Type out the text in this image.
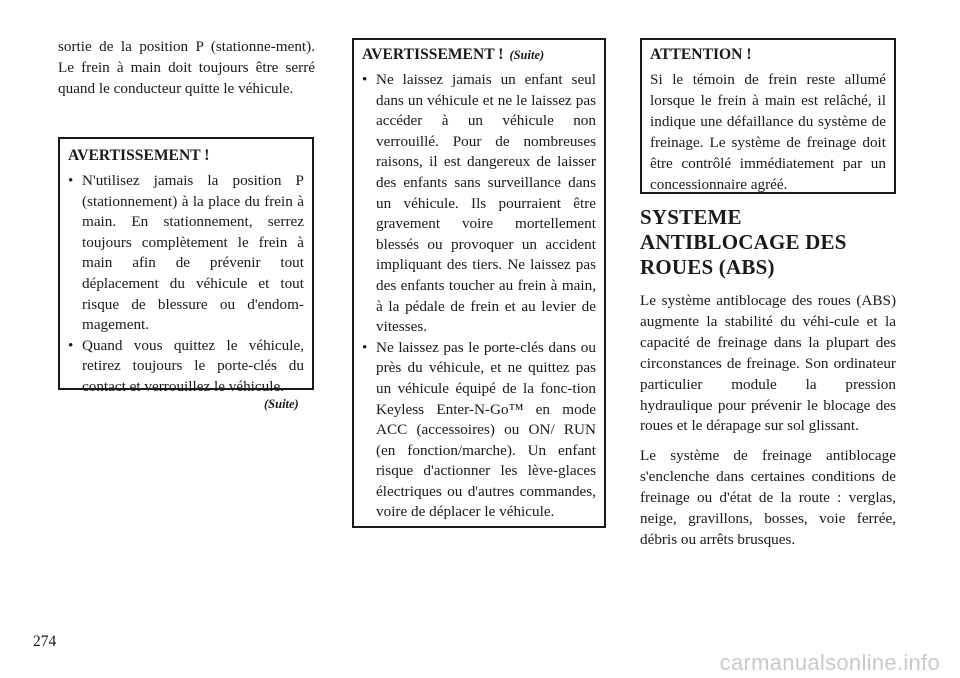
sortie de la position P (stationne-ment). Le frein à main doit toujours être serré quand le conducteur quitte le véhicule.

AVERTISSEMENT !
• N'utilisez jamais la position P (stationnement) à la place du frein à main. En stationnement, serrez toujours complètement le frein à main afin de prévenir tout déplacement du véhicule et tout risque de blessure ou d'endom-magement.
• Quand vous quittez le véhicule, retirez toujours le porte-clés du contact et verrouillez le véhicule.
(Suite)
AVERTISSEMENT ! (Suite)
• Ne laissez jamais un enfant seul dans un véhicule et ne le laissez pas accéder à un véhicule non verrouillé. Pour de nombreuses raisons, il est dangereux de laisser des enfants sans surveillance dans un véhicule. Ils pourraient être gravement voire mortellement blessés ou provoquer un accident impliquant des tiers. Ne laissez pas des enfants toucher au frein à main, à la pédale de frein et au levier de vitesses.
• Ne laissez pas le porte-clés dans ou près du véhicule, et ne quittez pas un véhicule équipé de la fonc-tion Keyless Enter-N-Go™ en mode ACC (accessoires) ou ON/ RUN (en fonction/marche). Un enfant risque d'actionner les lève-glaces électriques ou d'autres commandes, voire de déplacer le véhicule.
ATTENTION !

Si le témoin de frein reste allumé lorsque le frein à main est relâché, il indique une défaillance du système de freinage. Le système de freinage doit être contrôlé immédiatement par un concessionnaire agréé.

SYSTEME
ANTIBLOCAGE DES
ROUES (ABS)

Le système antiblocage des roues (ABS) augmente la stabilité du véhi-cule et la capacité de freinage dans la plupart des circonstances de freinage. Son ordinateur particulier module la pression hydraulique pour prévenir le blocage des roues et le dérapage sur sol glissant.

Le système de freinage antiblocage s'enclenche dans certaines conditions de freinage ou d'état de la route : verglas, neige, gravillons, bosses, voie ferrée, débris ou arrêts brusques.

274
carmanualsonline.info
